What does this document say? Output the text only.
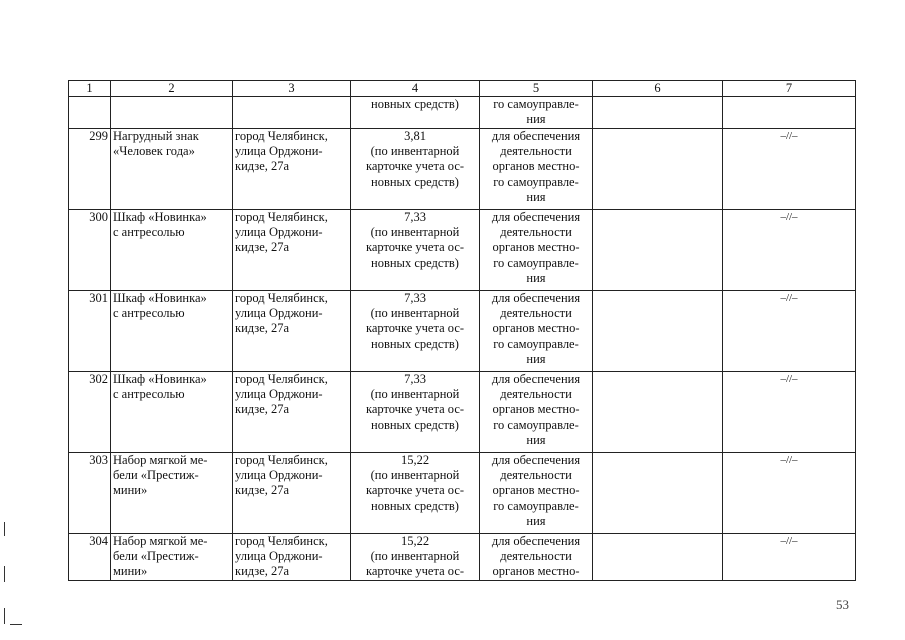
1	2	3	4	5	6	7

			новных средств)	го самоуправле-
ния		

299	Нагрудный знак
«Человек года»	город Челябинск,
улица Орджони-
кидзе, 27а	3,81
(по инвентарной
карточке учета ос-
новных средств)	для обеспечения
деятельности
органов местно-
го самоуправле-
ния		–//–
300	Шкаф «Новинка»
с антресолью	город Челябинск,
улица Орджони-
кидзе, 27а	7,33
(по инвентарной
карточке учета ос-
новных средств)	для обеспечения
деятельности
органов местно-
го самоуправле-
ния		–//–
301	Шкаф «Новинка»
с антресолью	город Челябинск,
улица Орджони-
кидзе, 27а	7,33
(по инвентарной
карточке учета ос-
новных средств)	для обеспечения
деятельности
органов местно-
го самоуправле-
ния		–//–
302	Шкаф «Новинка»
с антресолью	город Челябинск,
улица Орджони-
кидзе, 27а	7,33
(по инвентарной
карточке учета ос-
новных средств)	для обеспечения
деятельности
органов местно-
го самоуправле-
ния		–//–
303	Набор мягкой ме-
бели «Престиж-
мини»	город Челябинск,
улица Орджони-
кидзе, 27а	15,22
(по инвентарной
карточке учета ос-
новных средств)	для обеспечения
деятельности
органов местно-
го самоуправле-
ния		–//–
304	Набор мягкой ме-
бели «Престиж-
мини»	город Челябинск,
улица Орджони-
кидзе, 27а	15,22
(по инвентарной
карточке учета ос-	для обеспечения
деятельности
органов местно-		–//–
53
